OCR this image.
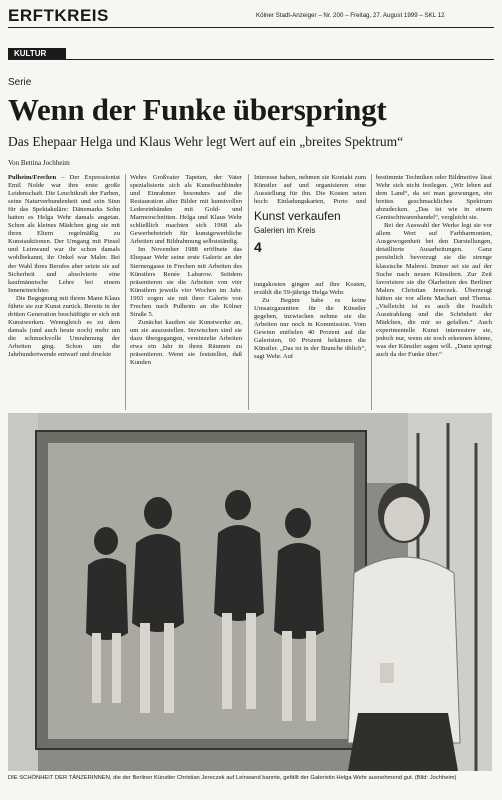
ERFTKREIS	Kölner Stadt-Anzeiger – Nr. 200 – Freitag, 27. August 1999 – SKL 12
KULTUR
Serie
Wenn der Funke überspringt
Das Ehepaar Helga und Klaus Wehr legt Wert auf ein „breites Spektrum“
Von Bettina Jochheim

Pulheim/Frechen – Der Expressionist Emil Nolde war ihre erste große Leidenschaft. Die Leuchtkraft der Farben, seine Naturverbundenheit und sein Sinn für das Spektakuläre: Dänemarks Sohn hatten es Helga Wehr damals angetan. Schon als kleines Mädchen ging sie mit ihren Eltern regelmäßig zu Kunstauktionen. Der Umgang mit Pinsel und Leinwand war ihr schon damals wohlbekannt, ihr Onkel war Maler. Bei der Wahl ihres Berufes aber setzte sie auf Sicherheit und absolvierte eine kaufmännische Lehre bei einem Inneneinrichter.

Die Begegnung mit ihrem Mann Klaus führte sie zur Kunst zurück. Bereits in der dritten Generation beschäftigte er sich mit Kunstwerken. Wenngleich es zu dem damals (und auch heute noch) mehr um die schmuckvolle Umrahmung der Arbeiten ging. Schon um die Jahrhundertwende entwarf und druckte

Wehrs Großvater Tapeten, der Vater spezialisierte sich als Kunstbuchbinder und Einrahmer besonders auf die Restauration alter Bilder mit kunstvollen Ledereinbänden mit Gold- und Marmorschnitten. Helga und Klaus Wehr schließlich machten sich 1968 als Gewerbebetrieb für kunstgewerbliche Arbeiten und Bildrahmung selbstständig.

Im November 1988 eröffnete das Ehepaar Wehr seine erste Galerie an der Sternengasse in Frechen mit Arbeiten des Künstlers Renée Labarow. Seitdem präsentieren sie die Arbeiten von vier Künstlern jeweils vier Wochen im Jahr. 1993 zogen sie mit ihrer Galerie von Frechen nach Pulheim an die Kölner Straße 5.

Zunächst kauften sie Kunstwerke an, um sie auszustellen. Inzwischen sind sie dazu übergegangen, vereinzelte Arbeiten etwa ein Jahr in ihren Räumen zu präsentieren. Wenn sie feststellen, daß Kunden

Interesse haben, nehmen sie Kontakt zum Künstler auf und organisieren eine Ausstellung für ihn. Die Kosten seien hoch: Einladungskarten, Porto und

Kunst verkaufen
Galerien im Kreis
4

tungskosten gingen auf ihre Kosten, erzählt die 59-jährige Helga Wehr.

Zu Beginn habe es keine Umsatzgarantien für die Künstler gegeben, inzwischen nehme sie die Arbeiten nur noch in Kommission. Vom Gewinn entfielen 40 Prozent auf die Galeristen, 60 Prozent bekämen die Künstler. „Das ist in der Branche üblich“, sagt Wehr. Auf

bestimmte Techniken oder Bildmotive lässt Wehr sich nicht festlegen. „Wir leben auf dem Land“, da sei man gezwungen, ein breites geschmackliches Spektrum abzudecken. „Das ist wie in einem Gemischtwarenhandel“, vergleicht sie.

Bei der Auswahl der Werke legt sie vor allem Wert auf Farbharmonien, Ausgewogenheit bei den Darstellungen, detaillierte Ausarbeitungen. Ganz persönlich bevorzugt sie die strenge klassische Malerei. Immer sei sie auf der Suche nach neuen Künstlern. Zur Zeit favorisiere sie die Ölarbeiten des Berliner Malers Christian Jereczek. Überzeugt hätten sie vor allem Machart und Thema. „Vielleicht ist es auch die fraulich Ausstrahlung und die Schönheit der Mädchen, die mir so gefallen.“ Auch experimentelle Kunst interessiere sie, jedoch nur, wenn sie noch erkennen könne, was der Künstler sagen will. „Dann springt auch da der Funke über.“

DIE SCHÖNHEIT DER TÄNZERINNEN, die der Berliner Künstler Christian Jereczek auf Leinwand bannte, gefällt der Galeristin Helga Wehr ausnehmend gut. (Bild: Jochheim)
